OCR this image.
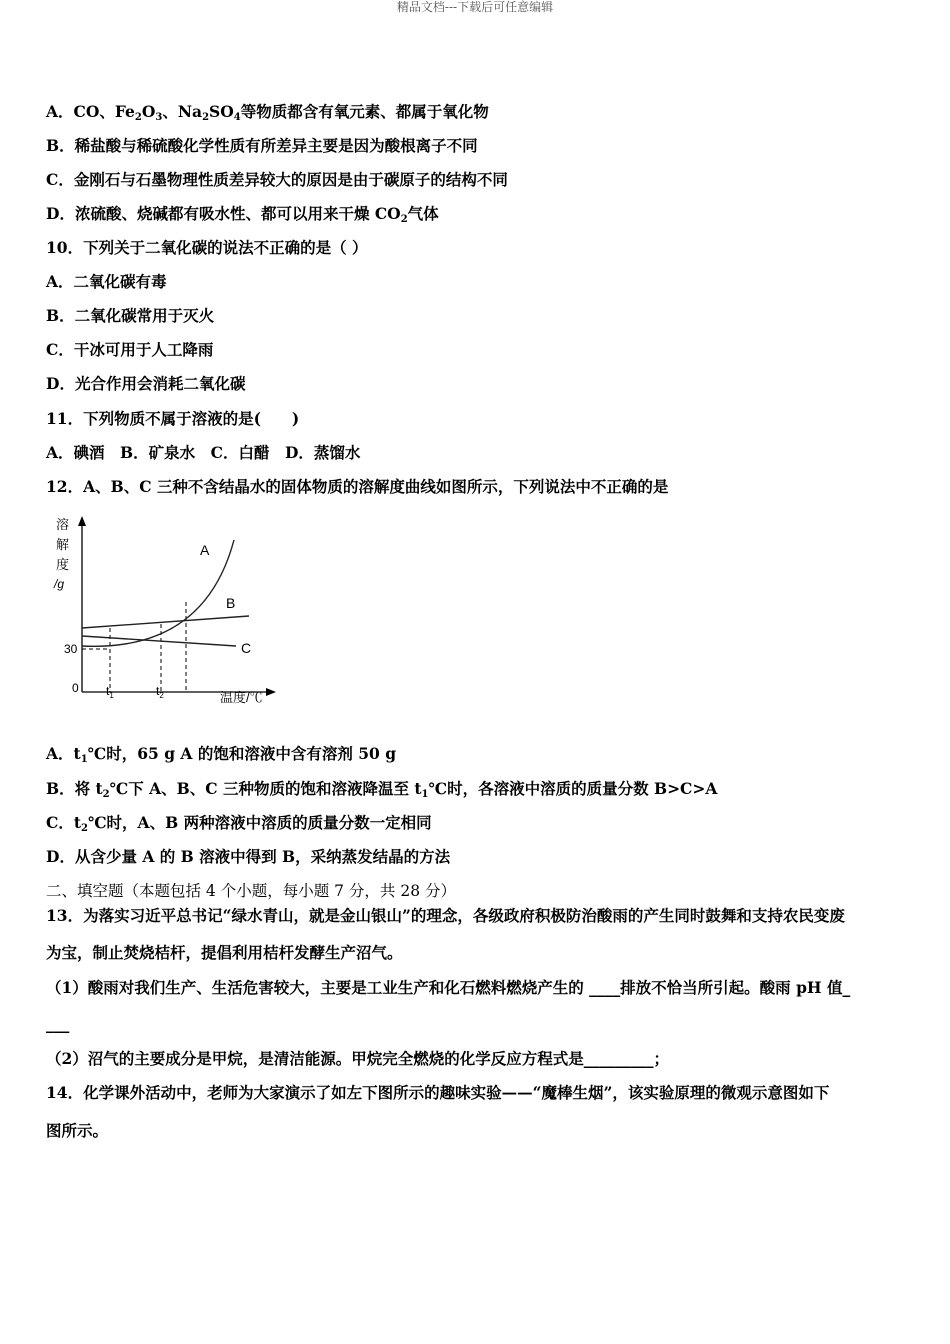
精品文档---下载后可任意编辑
A．CO、$Fe_2O_3$、$Na_2SO_4$等物质都含有氧元素、都属于氧化物
B．稀盐酸与稀硫酸化学性质有所差异主要是因为酸根离子不同
C．金刚石与石墨物理性质差异较大的原因是由于碳原子的结构不同
D．浓硫酸、烧碱都有吸水性、都可以用来干燥 $CO_2$气体
10．下列关于二氧化碳的说法不正确的是（ ）
A．二氧化碳有毒
B．二氧化碳常用于灭火
C．干冰可用于人工降雨
D．光合作用会消耗二氧化碳
11．下列物质不属于溶液的是(　　)
A．碘酒　B．矿泉水　C．白醋　D．蒸馏水
12．A、B、C 三种不含结晶水的固体物质的溶解度曲线如图所示，下列说法中不正确的是
溶
解
度
/g
0
30
$t_1$	$t_2$	温度/℃
A
B
C
A．$t_1℃$时，65 g A 的饱和溶液中含有溶剂 50 g
B．将 $t_2℃$下 A、B、C 三种物质的饱和溶液降温至 $t_1℃$时，各溶液中溶质的质量分数 B>C>A
C．$t_2℃$时，A、B 两种溶液中溶质的质量分数一定相同
D．从含少量 A 的 B 溶液中得到 B，采纳蒸发结晶的方法
二、填空题（本题包括 4 个小题，每小题 7 分，共 28 分）
13．为落实习近平总书记“绿水青山，就是金山银山”的理念，各级政府积极防治酸雨的产生同时鼓舞和支持农民变废
为宝，制止焚烧桔杆，提倡利用桔杆发酵生产沼气。
（1）酸雨对我们生产、生活危害较大，主要是工业生产和化石燃料燃烧产生的 ____排放不恰当所引起。酸雨 pH 值_
___
（2）沼气的主要成分是甲烷，是清洁能源。甲烷完全燃烧的化学反应方程式是_________；
14．化学课外活动中，老师为大家演示了如左下图所示的趣味实验——“魔棒生烟”，该实验原理的微观示意图如下
图所示。
